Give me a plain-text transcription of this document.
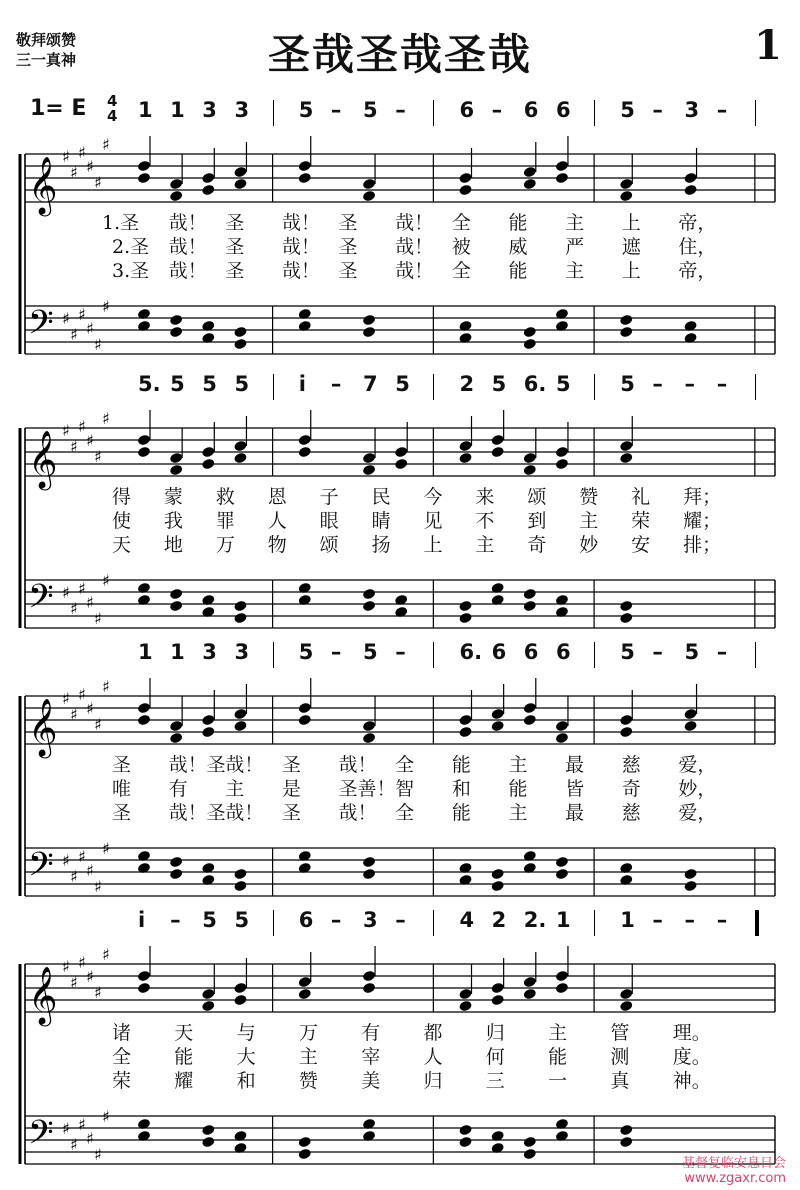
敬拜颂赞
三一真神	圣哉圣哉圣哉	1
1= E 4
4
𝄞
𝄢
♯
♯
♯
♯
♯
♯
♯
♯
♯
♯
♯
♯
1 1 3 3 5 – 5 –	6 – 6 6 5 – 3 –
1.圣 哉！ 圣 哉！ 圣 哉！ 全 能 主 上 帝，
2.圣 哉！ 圣 哉！ 圣 哉！ 被 威 严 遮 住，
3.圣 哉！ 圣 哉！ 圣 哉！ 全 能 主 上 帝，
𝄞
𝄢
♯
♯
♯
♯
♯
♯
♯
♯
♯
♯
♯
♯
5. 5 5 5 i – 7 5 2 5 6. 5 5 – – –
得 蒙 救 恩 子 民 今 来 颂 赞 礼 拜；
使 我 罪 人 眼 睛 见 不 到 主 荣 耀；
天 地 万 物 颂 扬 上 主 奇 妙 安 排；
𝄞
𝄢
♯
♯
♯
♯
♯
♯
♯
♯
♯
♯
♯
♯
1 1 3 3 5 – 5 –	6. 6 6 6 5 – 5 –
圣 哉！圣 哉！ 圣 哉！ 全 能 主 最 慈 爱，
唯 有 主 是 圣善！ 智 和 能 皆 奇 妙，
圣 哉！圣 哉！ 圣 哉！ 全 能 主 最 慈 爱，
𝄞
𝄢
♯
♯
♯
♯
♯
♯
♯
♯
♯
♯
♯
♯
i – 5 5 6 – 3 –	4 2 2. 1 1 – – –
诸 天 与 万 有 都 归 主 管 理。
全 能 大 主 宰 人 何 能 测 度。
荣 耀 和 赞 美 归 三 一 真 神。
基督复临安息日会
www.zgaxr.com
